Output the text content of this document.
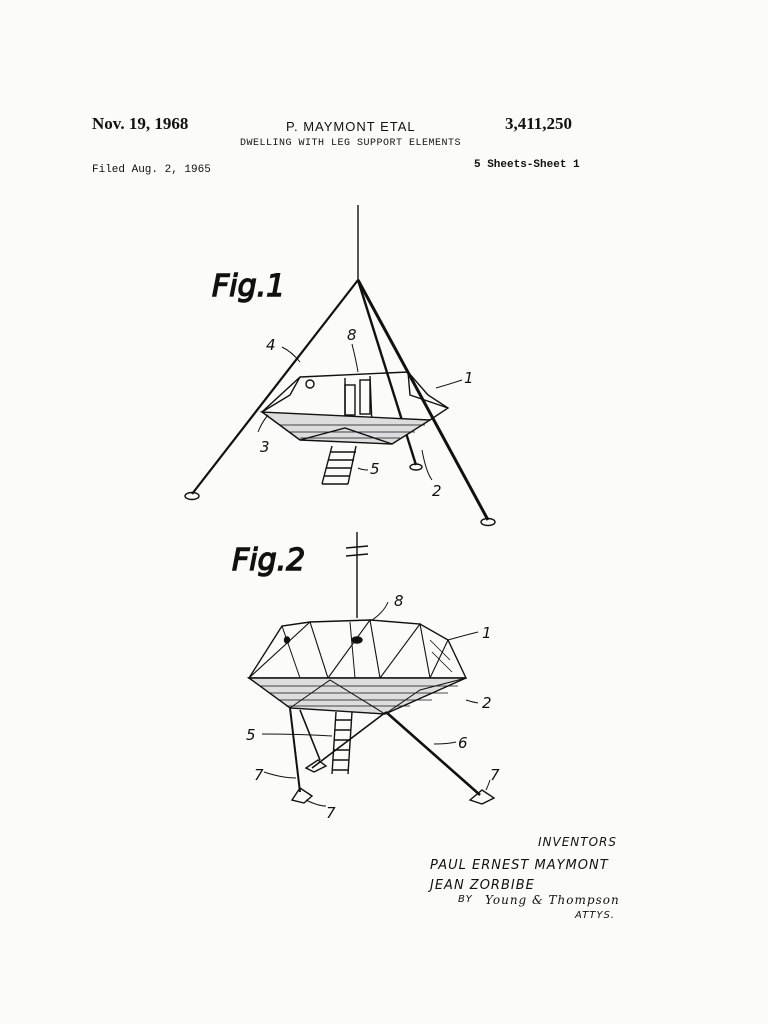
Nov. 19, 1968	P. MAYMONT ETAL	3,411,250
DWELLING WITH LEG SUPPORT ELEMENTS
Filed Aug. 2, 1965	5 Sheets-Sheet 1
Fig.1
1
2
3
4
5
8
Fig.2
8
1
2
5	6
7	7
7
INVENTORS
PAUL ERNEST MAYMONT
JEAN ZORBIBE
BY Young & Thompson
ATTYS.
